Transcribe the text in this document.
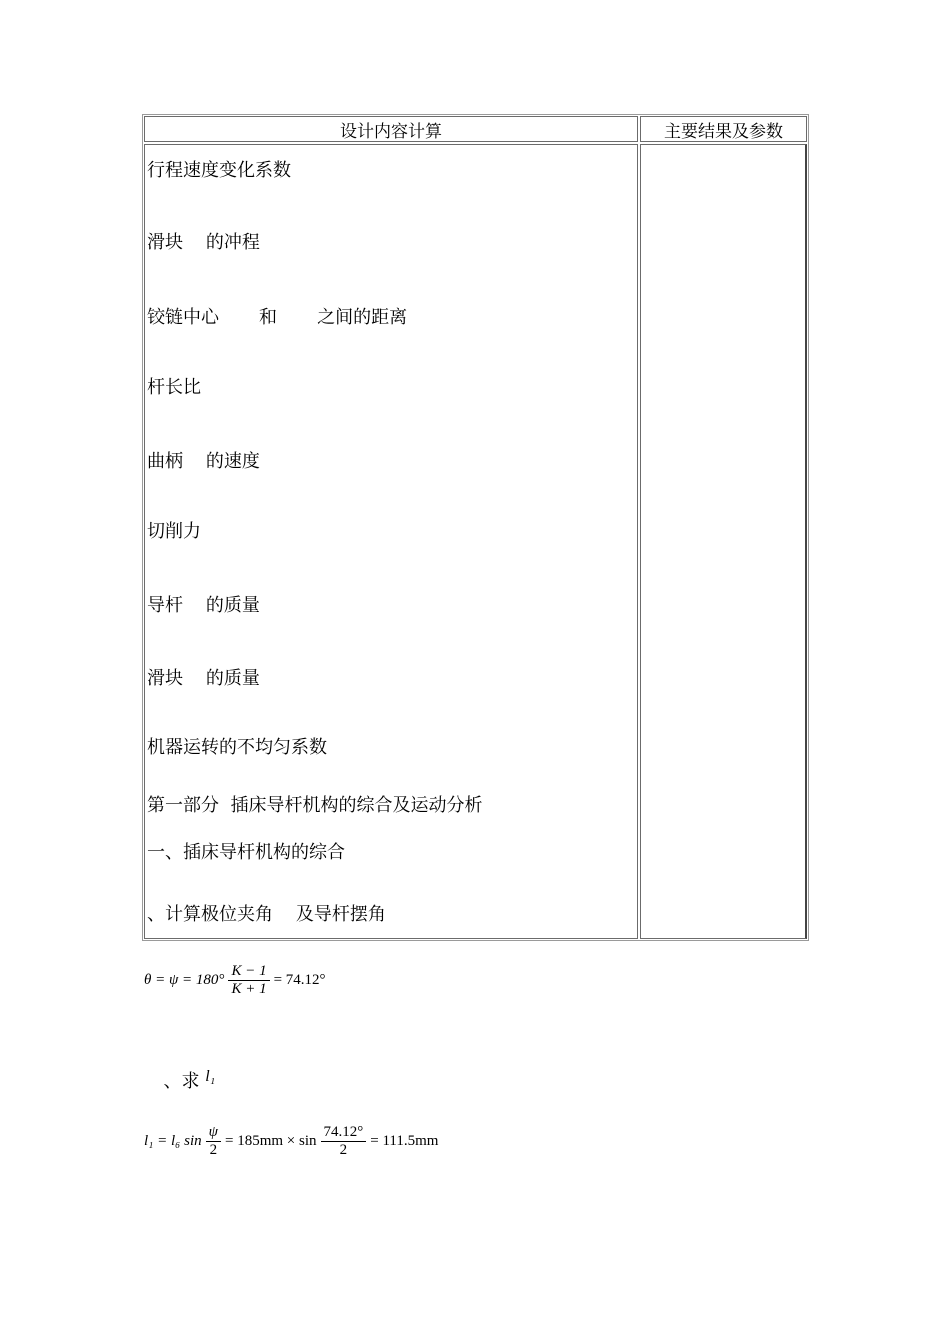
设计内容计算	主要结果及参数
行程速度变化系数
滑块    的冲程
铰链中心       和       之间的距离
杆长比
曲柄    的速度
切削力
导杆    的质量
滑块    的质量
机器运转的不均匀系数
第一部分  插床导杆机构的综合及运动分析
一、插床导杆机构的综合
、计算极位夹角    及导杆摆角
$\theta = \psi = 180^\circ \frac{K - 1}{K + 1} = 74.12^\circ$

、求 l₁

l₁ = l₆ $\sin \frac{\psi}{2} = 185mm \times \sin \frac{74.12^\circ}{2} = 111.5mm$
